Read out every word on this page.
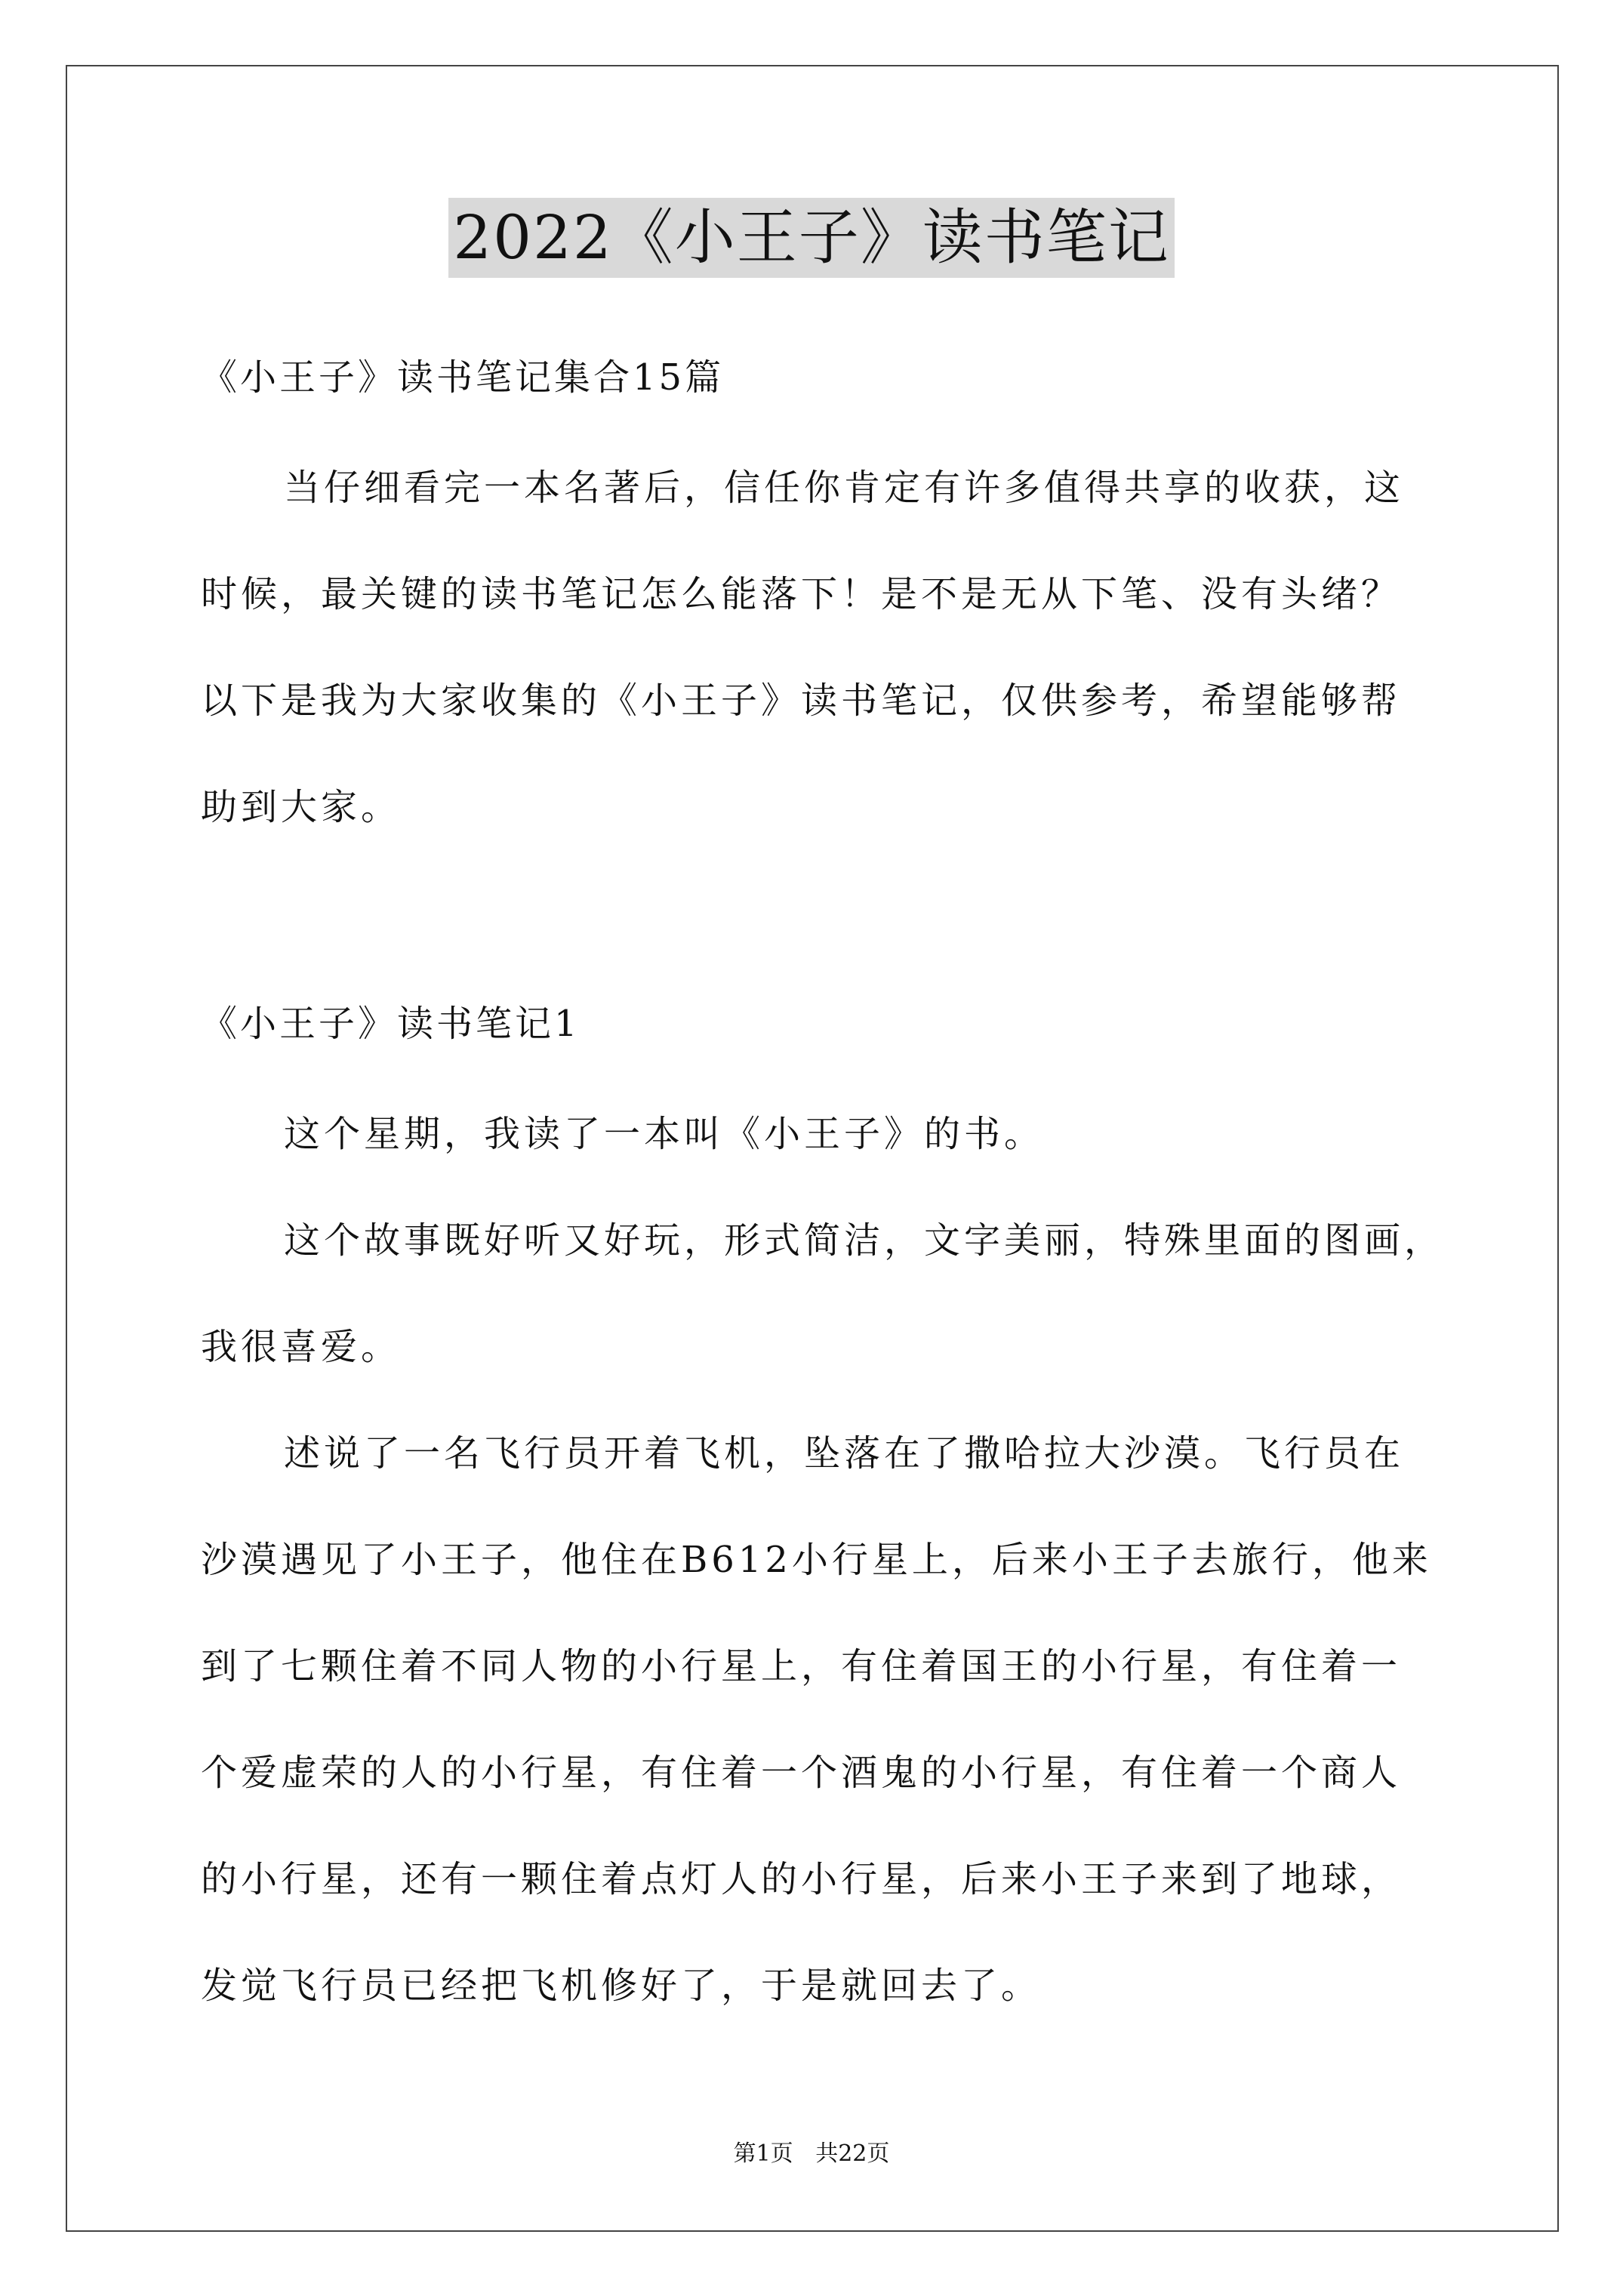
2022《小王子》读书笔记
《小王子》读书笔记集合15篇
当仔细看完一本名著后，信任你肯定有许多值得共享的收获，这
时候，最关键的读书笔记怎么能落下！是不是无从下笔、没有头绪？
以下是我为大家收集的《小王子》读书笔记，仅供参考，希望能够帮
助到大家。
《小王子》读书笔记1
这个星期，我读了一本叫《小王子》的书。
这个故事既好听又好玩，形式简洁，文字美丽，特殊里面的图画，
我很喜爱。
述说了一名飞行员开着飞机，坠落在了撒哈拉大沙漠。飞行员在
沙漠遇见了小王子，他住在B612小行星上，后来小王子去旅行，他来
到了七颗住着不同人物的小行星上，有住着国王的小行星，有住着一
个爱虚荣的人的小行星，有住着一个酒鬼的小行星，有住着一个商人
的小行星，还有一颗住着点灯人的小行星，后来小王子来到了地球，
发觉飞行员已经把飞机修好了，于是就回去了。
第1页 共22页
